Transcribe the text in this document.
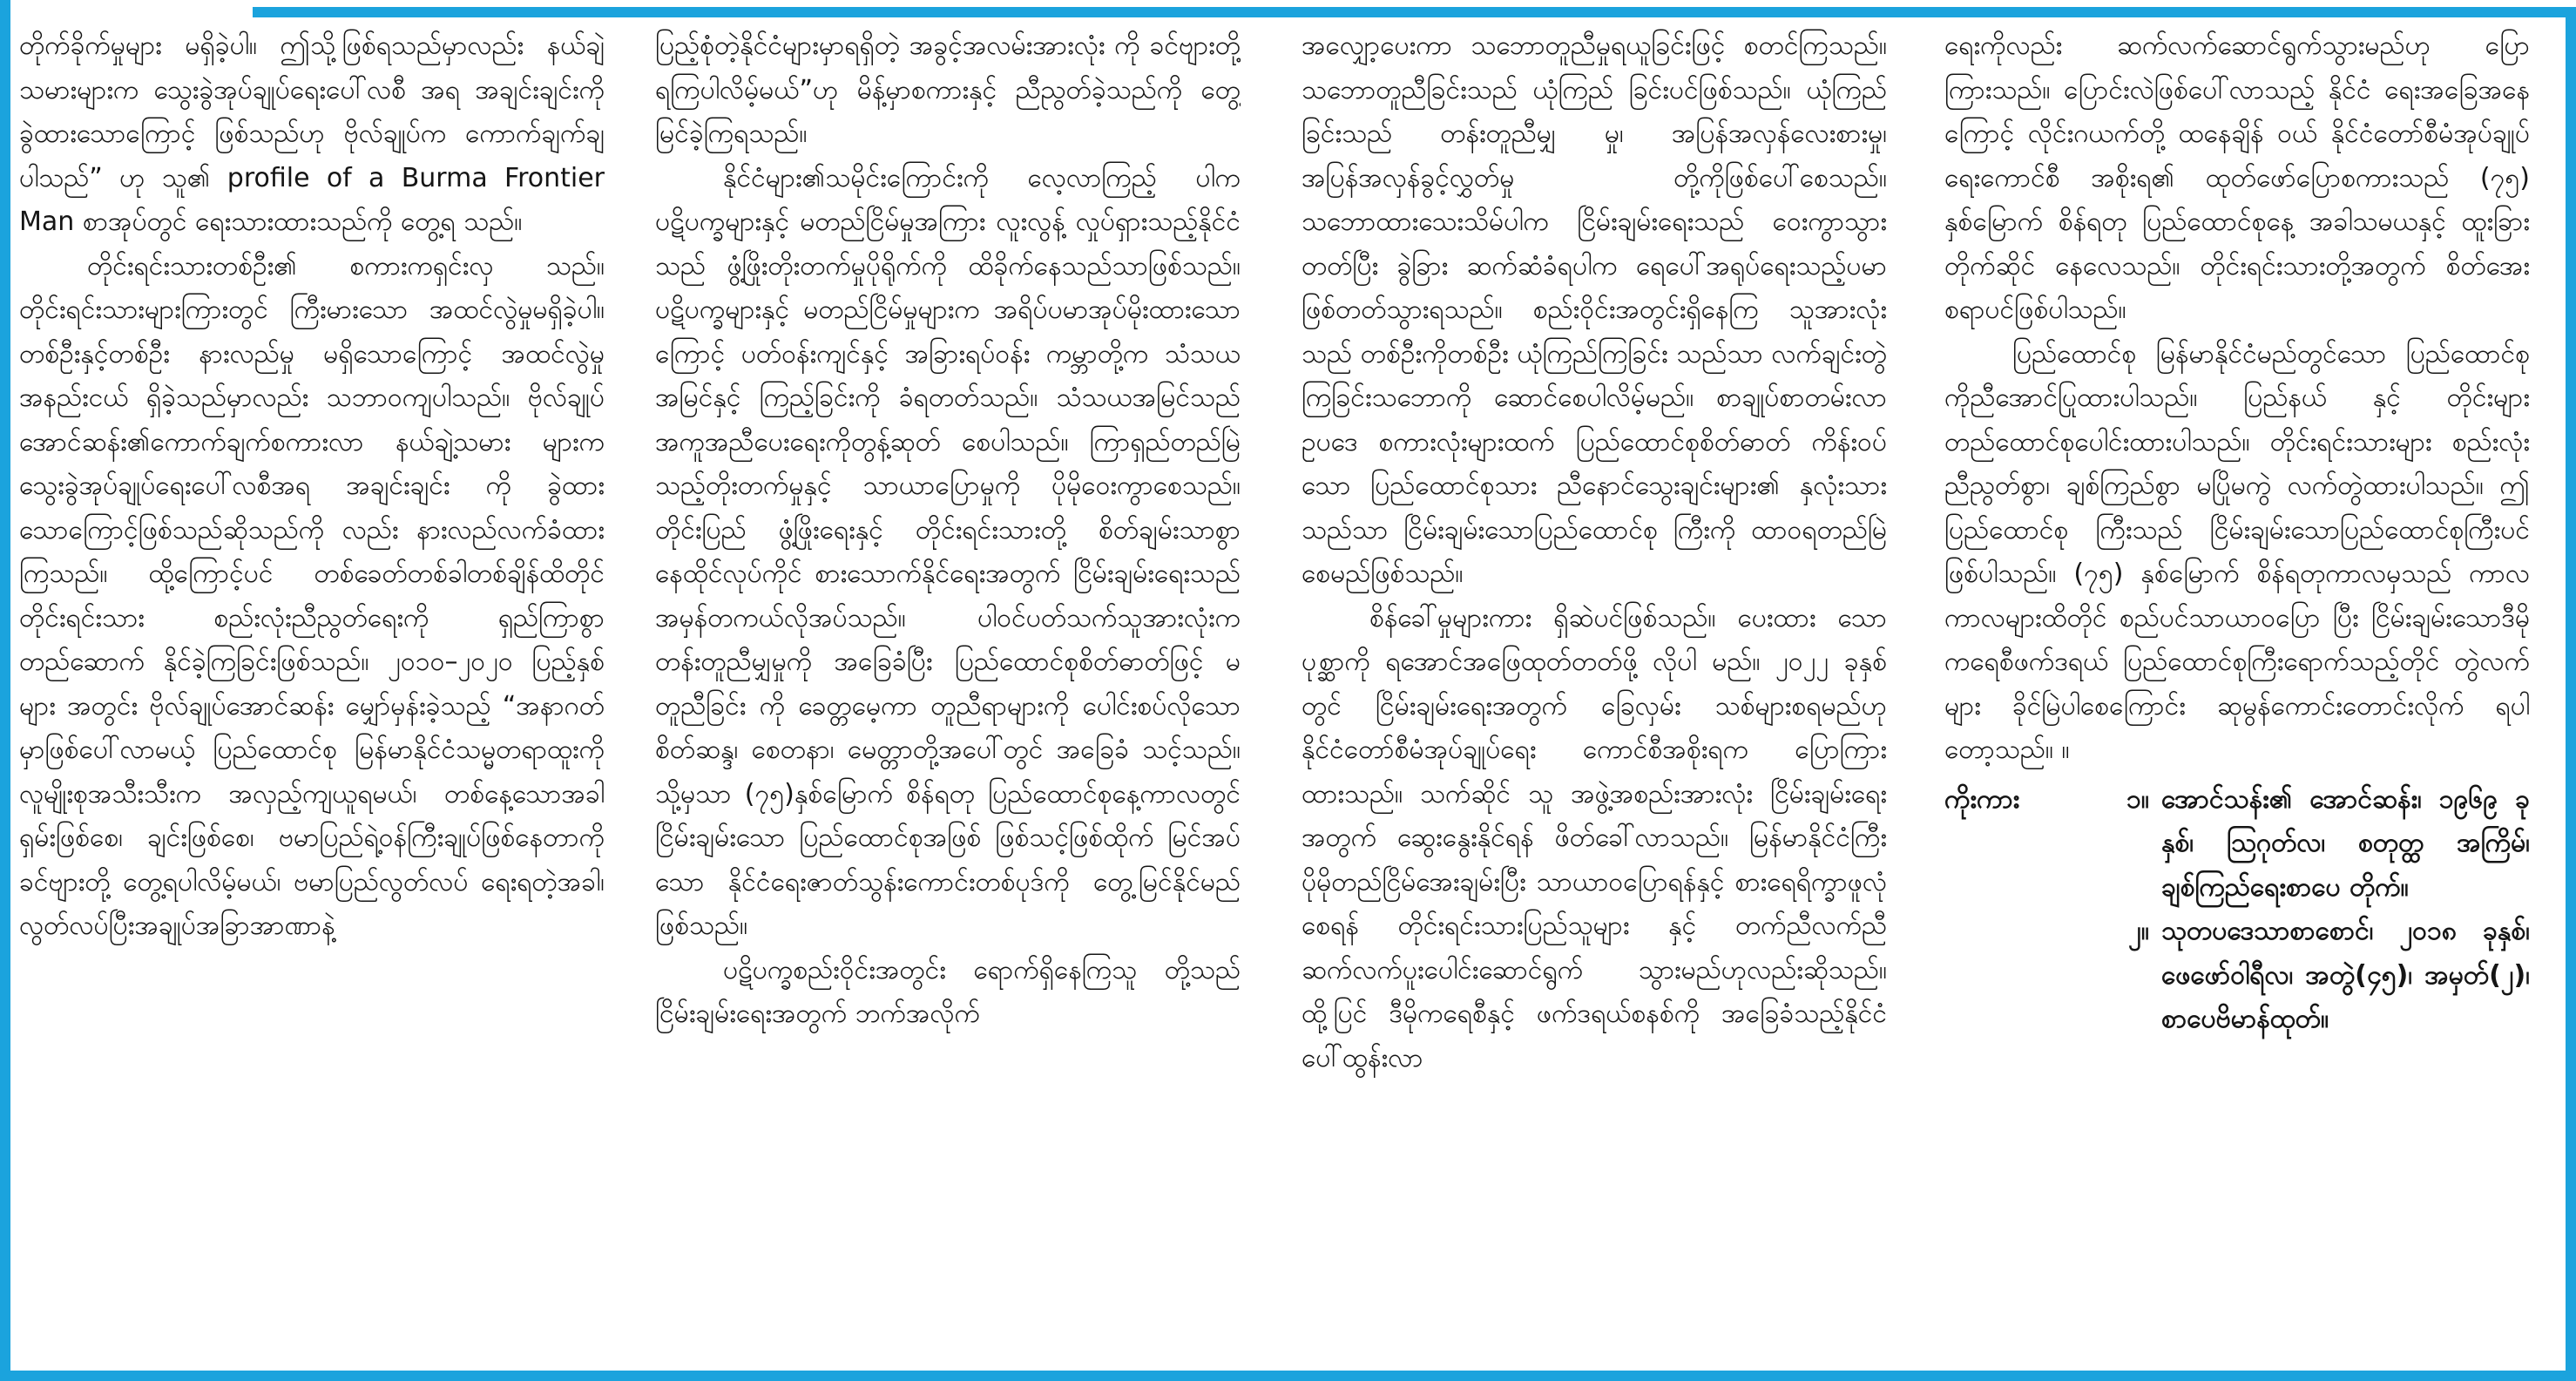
တိုက်ခိုက်မှုများ မရှိခဲ့ပါ။ ဤသို့ဖြစ်ရသည်မှာလည်း နယ်ချဲ့သမားများက သွေးခွဲအုပ်ချုပ်ရေးပေါ်လစီ အရ အချင်းချင်းကို ခွဲထားသောကြောင့် ဖြစ်သည်ဟု ဗိုလ်ချုပ်က ကောက်ချက်ချပါသည်” ဟု သူ၏ profile of a Burma Frontier Man စာအုပ်တွင် ရေးသားထားသည်ကို တွေ့ရ သည်။

တိုင်းရင်းသားတစ်ဦး၏ စကားကရှင်းလှ သည်။ တိုင်းရင်းသားများကြားတွင် ကြီးမားသော အထင်လွဲမှုမရှိခဲ့ပါ။ တစ်ဦးနှင့်တစ်ဦး နားလည်မှု မရှိသောကြောင့် အထင်လွဲမှုအနည်းငယ် ရှိခဲ့သည်မှာလည်း သဘာဝကျပါသည်။ ဗိုလ်ချုပ် အောင်ဆန်း၏ကောက်ချက်စကားလာ နယ်ချဲ့သမား များက သွေးခွဲအုပ်ချုပ်ရေးပေါ်လစီအရ အချင်းချင်း ကို ခွဲထားသောကြောင့်ဖြစ်သည်ဆိုသည်ကို လည်း နားလည်လက်ခံထားကြသည်။ ထို့ကြောင့်ပင် တစ်ခေတ်တစ်ခါတစ်ချိန်ထိတိုင် တိုင်းရင်းသား စည်းလုံးညီညွတ်ရေးကို ရှည်ကြာစွာ တည်ဆောက် နိုင်ခဲ့ကြခြင်းဖြစ်သည်။ ၂၀၁၀–၂၀၂၀ ပြည့်နှစ်များ အတွင်း ဗိုလ်ချုပ်အောင်ဆန်း မျှော်မှန်းခဲ့သည့် “အနာဂတ်မှာဖြစ်ပေါ်လာမယ့် ပြည်ထောင်စု မြန်မာနိုင်ငံသမ္မတရာထူးကို လူမျိုးစုအသီးသီးက အလှည့်ကျယူရမယ်၊ တစ်နေ့သောအခါ ရှမ်းဖြစ်စေ၊ ချင်းဖြစ်စေ၊ ဗမာပြည်ရဲ့ဝန်ကြီးချုပ်ဖြစ်နေတာကို ခင်ဗျားတို့ တွေ့ရပါလိမ့်မယ်၊ ဗမာပြည်လွတ်လပ် ရေးရတဲ့အခါ၊ လွတ်လပ်ပြီးအချုပ်အခြာအာဏာနဲ့

ပြည့်စုံတဲ့နိုင်ငံများမှာရရှိတဲ့ အခွင့်အလမ်းအားလုံး ကို ခင်ဗျားတို့ ရကြပါလိမ့်မယ်”ဟု မိန့်မှာစကားနှင့် ညီညွတ်ခဲ့သည်ကို တွေ့မြင်ခဲ့ကြရသည်။

နိုင်ငံများ၏သမိုင်းကြောင်းကို လေ့လာကြည့် ပါက ပဋိပက္ခများနှင့် မတည်ငြိမ်မှုအကြား လူးလွန့် လှုပ်ရှားသည့်နိုင်ငံသည် ဖွံ့ဖြိုးတိုးတက်မှုပိုရိုက်ကို ထိခိုက်နေသည်သာဖြစ်သည်။ ပဋိပက္ခများနှင့် မတည်ငြိမ်မှုများက အရိပ်ပမာအုပ်မိုးထားသော ကြောင့် ပတ်ဝန်းကျင်နှင့် အခြားရပ်ဝန်း ကမ္ဘာတို့က သံသယအမြင်နှင့် ကြည့်ခြင်းကို ခံရတတ်သည်။ သံသယအမြင်သည် အကူအညီပေးရေးကိုတွန့်ဆုတ် စေပါသည်။ ကြာရှည်တည်မြဲသည့်တိုးတက်မှုနှင့် သာယာပြောမှုကို ပိုမိုဝေးကွာစေသည်။ တိုင်းပြည် ဖွံ့ဖြိုးရေးနှင့် တိုင်းရင်းသားတို့ စိတ်ချမ်းသာစွာ နေထိုင်လုပ်ကိုင် စားသောက်နိုင်ရေးအတွက် ငြိမ်းချမ်းရေးသည် အမှန်တကယ်လိုအပ်သည်။ ပါဝင်ပတ်သက်သူအားလုံးက တန်းတူညီမျှမှုကို အခြေခံပြီး ပြည်ထောင်စုစိတ်ဓာတ်ဖြင့် မတူညီခြင်း ကို ခေတ္တမေ့ကာ တူညီရာများကို ပေါင်းစပ်လိုသော စိတ်ဆန္ဒ၊ စေတနာ၊ မေတ္တာတို့အပေါ်တွင် အခြေခံ သင့်သည်။ သို့မှသာ (၇၅)နှစ်မြောက် စိန်ရတု ပြည်ထောင်စုနေ့ကာလတွင် ငြိမ်းချမ်းသော ပြည်ထောင်စုအဖြစ် ဖြစ်သင့်ဖြစ်ထိုက် မြင်အပ် သော နိုင်ငံရေးဇာတ်သွန်းကောင်းတစ်ပုဒ်ကို တွေ့မြင်နိုင်မည်ဖြစ်သည်။

ပဋိပက္ခစည်းဝိုင်းအတွင်း ရောက်ရှိနေကြသူ တို့သည် ငြိမ်းချမ်းရေးအတွက် ဘက်အလိုက်

အလျှော့ပေးကာ သဘောတူညီမှုရယူခြင်းဖြင့် စတင်ကြသည်။ သဘောတူညီခြင်းသည် ယုံကြည် ခြင်းပင်ဖြစ်သည်။ ယုံကြည်ခြင်းသည် တန်းတူညီမျှ မှု၊ အပြန်အလှန်လေးစားမှု၊ အပြန်အလှန်ခွင့်လွှတ်မှု တို့ကိုဖြစ်ပေါ်စေသည်။ သဘောထားသေးသိမ်ပါက ငြိမ်းချမ်းရေးသည် ဝေးကွာသွားတတ်ပြီး ခွဲခြား ဆက်ဆံခံရပါက ရေပေါ်အရုပ်ရေးသည့်ပမာ ဖြစ်တတ်သွားရသည်။ စည်းဝိုင်းအတွင်းရှိနေကြ သူအားလုံးသည် တစ်ဦးကိုတစ်ဦး ယုံကြည်ကြခြင်း သည်သာ လက်ချင်းတွဲကြခြင်းသဘောကို ဆောင်စေပါလိမ့်မည်။ စာချုပ်စာတမ်းလာ ဥပဒေ စကားလုံးများထက် ပြည်ထောင်စုစိတ်ဓာတ် ကိန်းဝပ် သော ပြည်ထောင်စုသား ညီနောင်သွေးချင်းများ၏ နှလုံးသားသည်သာ ငြိမ်းချမ်းသောပြည်ထောင်စု ကြီးကို ထာဝရတည်မြဲစေမည်ဖြစ်သည်။

စိန်ခေါ်မှုများကား ရှိဆဲပင်ဖြစ်သည်။ ပေးထား သောပုစ္ဆာကို ရအောင်အဖြေထုတ်တတ်ဖို့ လိုပါ မည်။ ၂၀၂၂ ခုနှစ်တွင် ငြိမ်းချမ်းရေးအတွက် ခြေလှမ်း သစ်များစရမည်ဟု နိုင်ငံတော်စီမံအုပ်ချုပ်ရေး ကောင်စီအစိုးရက ပြောကြားထားသည်။ သက်ဆိုင် သူ အဖွဲ့အစည်းအားလုံး ငြိမ်းချမ်းရေးအတွက် ဆွေးနွေးနိုင်ရန် ဖိတ်ခေါ်လာသည်။ မြန်မာနိုင်ငံကြီး ပိုမိုတည်ငြိမ်အေးချမ်းပြီး သာယာဝပြောရန်နှင့် စားရေရိက္ခာဖူလုံစေရန် တိုင်းရင်းသားပြည်သူများ နှင့် တက်ညီလက်ညီ ဆက်လက်ပူးပေါင်းဆောင်ရွက် သွားမည်ဟုလည်းဆိုသည်။ ထို့ပြင် ဒီမိုကရေစီနှင့် ဖက်ဒရယ်စနစ်ကို အခြေခံသည့်နိုင်ငံ ပေါ်ထွန်းလာ

ရေးကိုလည်း ဆက်လက်ဆောင်ရွက်သွားမည်ဟု ပြောကြားသည်။ ပြောင်းလဲဖြစ်ပေါ်လာသည့် နိုင်ငံ ရေးအခြေအနေကြောင့် လိုင်းဂယက်တို့ ထနေချိန် ဝယ် နိုင်ငံတော်စီမံအုပ်ချုပ်ရေးကောင်စီ အစိုးရ၏ ထုတ်ဖော်ပြောစကားသည် (၇၅) နှစ်မြောက် စိန်ရတု ပြည်ထောင်စုနေ့ အခါသမယနှင့် ထူးခြားတိုက်ဆိုင် နေလေသည်။ တိုင်းရင်းသားတို့အတွက် စိတ်အေး စရာပင်ဖြစ်ပါသည်။

ပြည်ထောင်စု မြန်မာနိုင်ငံမည်တွင်သော ပြည်ထောင်စုကိုညီအောင်ပြုထားပါသည်။ ပြည်နယ် နှင့် တိုင်းများ တည်ထောင်စုပေါင်းထားပါသည်။ တိုင်းရင်းသားများ စည်းလုံးညီညွတ်စွာ၊ ချစ်ကြည်စွာ မပြိုမကွဲ လက်တွဲထားပါသည်။ ဤပြည်ထောင်စု ကြီးသည် ငြိမ်းချမ်းသောပြည်ထောင်စုကြီးပင် ဖြစ်ပါသည်။ (၇၅) နှစ်မြောက် စိန်ရတုကာလမှသည် ကာလ ကာလများထိတိုင် စည်ပင်သာယာဝပြော ပြီး ငြိမ်းချမ်းသောဒီမိုကရေစီဖက်ဒရယ် ပြည်ထောင်စုကြီးရောက်သည့်တိုင် တွဲလက်များ ခိုင်မြဲပါစေကြောင်း ဆုမွန်ကောင်းတောင်းလိုက် ရပါတော့သည်။ ။

ကိုးကား	၁။ အောင်သန်း၏ အောင်ဆန်း၊ ၁၉၆၉ ခုနှစ်၊ ဩဂုတ်လ၊ စတုတ္ထ အကြိမ်၊ ချစ်ကြည်ရေးစာပေ တိုက်။
၂။ သုတပဒေသာစာစောင်၊ ၂၀၁၈ ခုနှစ်၊ ဖေဖော်ဝါရီလ၊ အတွဲ(၄၅)၊ အမှတ်(၂)၊ စာပေဗိမာန်ထုတ်။
